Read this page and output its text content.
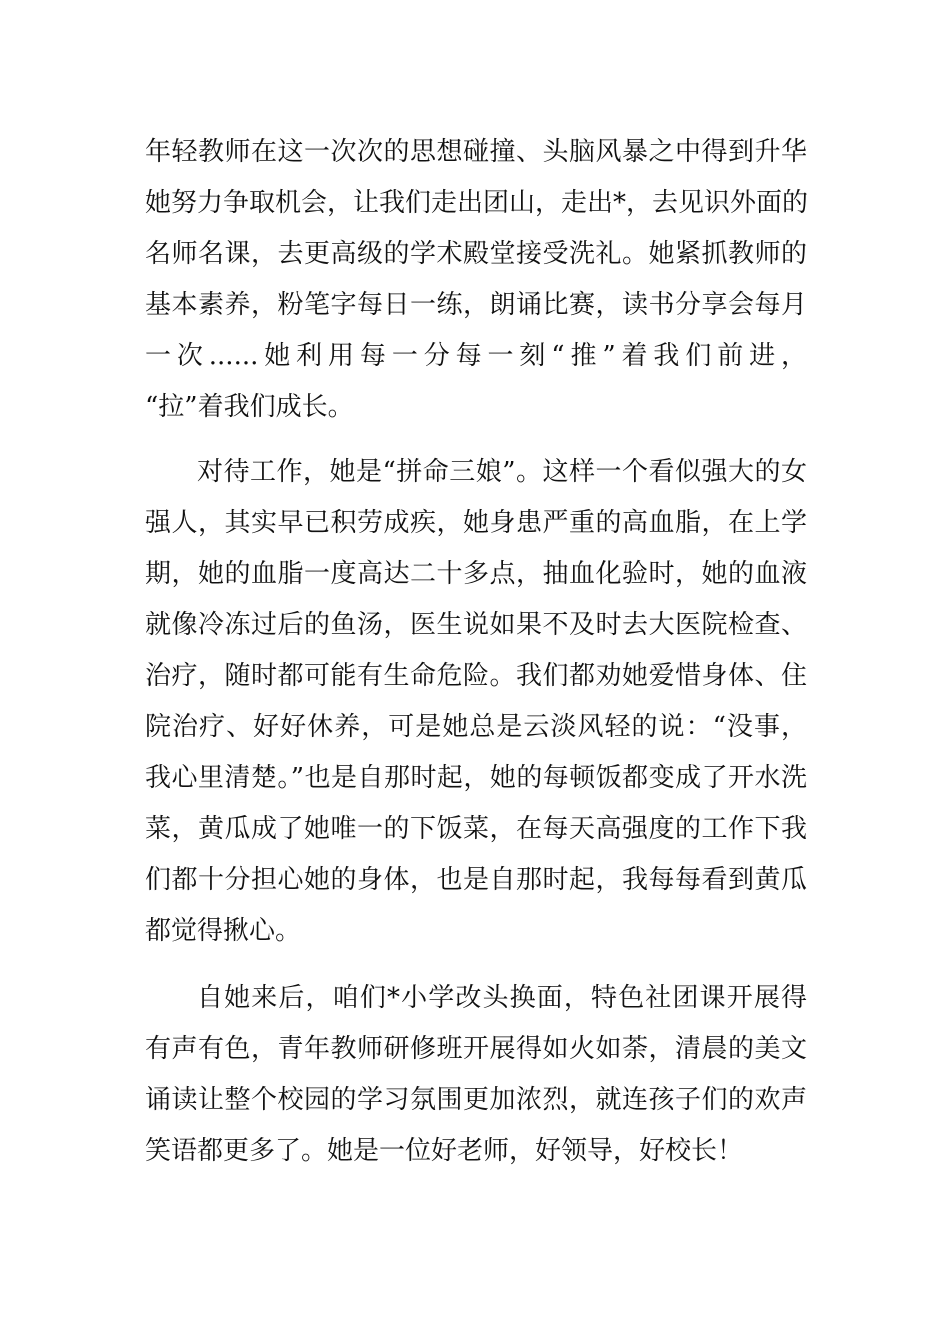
年轻教师在这一次次的思想碰撞、头脑风暴之中得到升华
她努力争取机会，让我们走出团山，走出*，去见识外面的
名师名课，去更高级的学术殿堂接受洗礼。她紧抓教师的
基本素养，粉笔字每日一练，朗诵比赛，读书分享会每月
一次......她利用每一分每一刻“推”着我们前进，
“拉”着我们成长。

对待工作，她是“拼命三娘”。这样一个看似强大的女强人，其实早已积劳成疾，她身患严重的高血脂，在上学期，她的血脂一度高达二十多点，抽血化验时，她的血液就像冷冻过后的鱼汤，医生说如果不及时去大医院检查、治疗，随时都可能有生命危险。我们都劝她爱惜身体、住院治疗、好好休养，可是她总是云淡风轻的说：“没事，我心里清楚。”也是自那时起，她的每顿饭都变成了开水洗菜，黄瓜成了她唯一的下饭菜，在每天高强度的工作下我们都十分担心她的身体，也是自那时起，我每每看到黄瓜都觉得揪心。

自她来后，咱们*小学改头换面，特色社团课开展得有声有色，青年教师研修班开展得如火如荼，清晨的美文诵读让整个校园的学习氛围更加浓烈，就连孩子们的欢声笑语都更多了。她是一位好老师，好领导，好校长！
